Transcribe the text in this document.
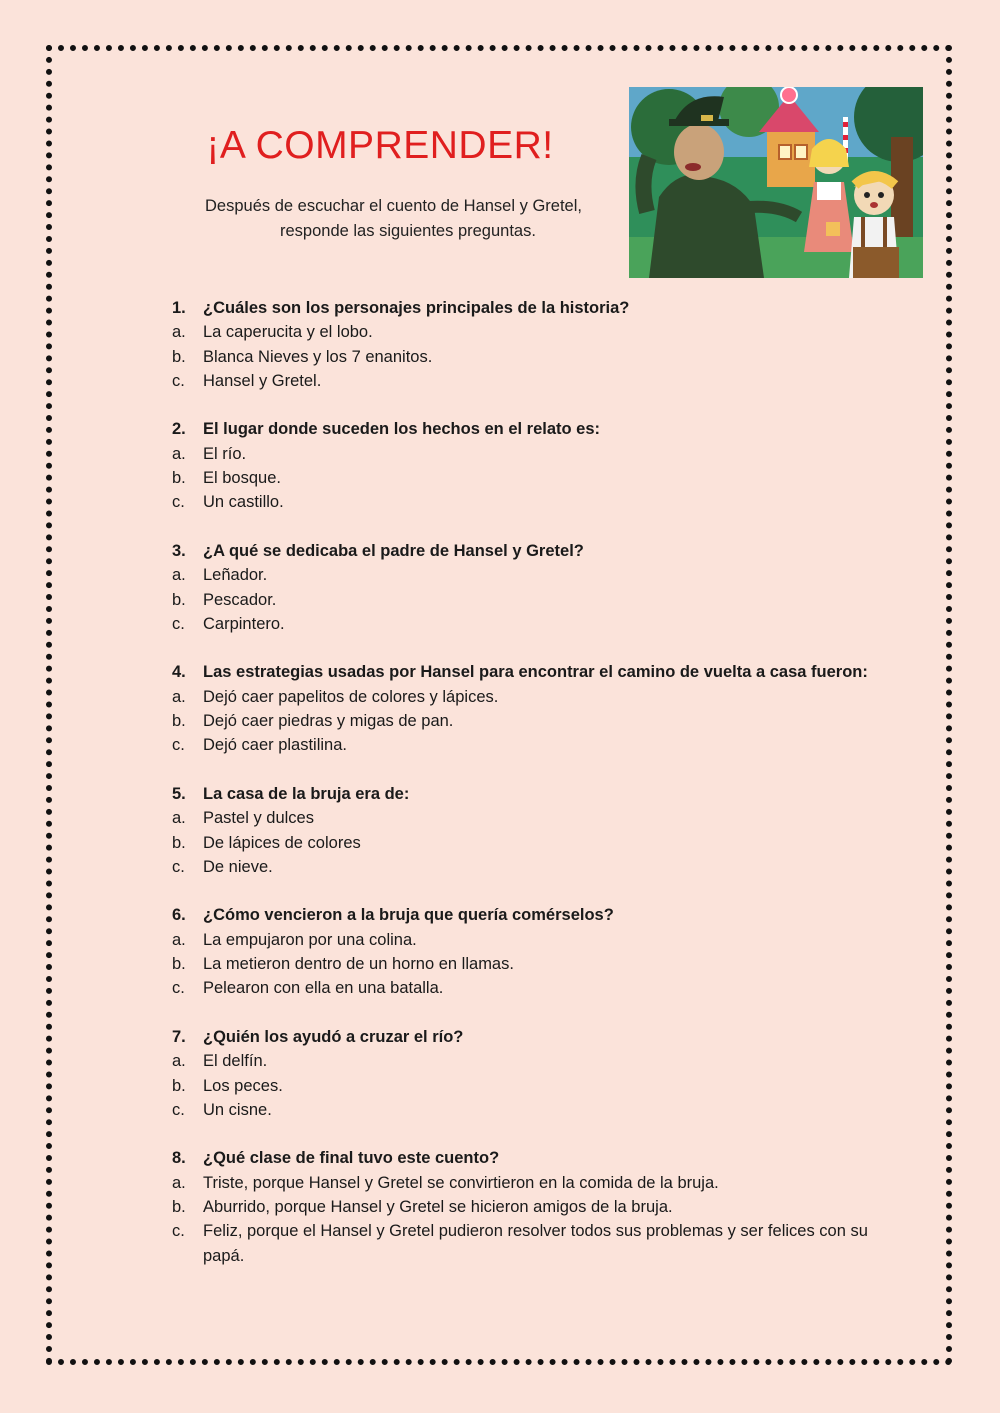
¡A COMPRENDER!
Después de escuchar el cuento de Hansel y Gretel,
responde las siguientes preguntas.
1.	¿Cuáles son los personajes principales de la historia?
a.	La caperucita y el lobo.
b.	Blanca Nieves y los 7 enanitos.
c.	Hansel y Gretel.
2.	El lugar donde suceden los hechos en el relato es:
a.	El río.
b.	El bosque.
c.	Un castillo.
3.	¿A qué se dedicaba el padre de Hansel y Gretel?
a.	Leñador.
b.	Pescador.
c.	Carpintero.
4.	Las estrategias usadas por Hansel para encontrar el camino de vuelta a casa fueron:
a.	Dejó caer papelitos de colores y lápices.
b.	Dejó caer piedras y migas de pan.
c.	Dejó caer plastilina.
5.	La casa de la bruja era de:
a.	Pastel y dulces
b.	De lápices de colores
c.	De nieve.
6.	¿Cómo vencieron a la bruja que quería comérselos?
a.	La empujaron por una colina.
b.	La metieron dentro de un horno en llamas.
c.	Pelearon con ella en una batalla.
7.	¿Quién los ayudó a cruzar el río?
a.	El delfín.
b.	Los peces.
c.	Un cisne.
8.	¿Qué clase de final tuvo este cuento?
a.	Triste, porque Hansel y Gretel se convirtieron en la comida de la bruja.
b.	Aburrido, porque Hansel y Gretel se hicieron amigos de la bruja.
c.	Feliz, porque el Hansel y Gretel pudieron resolver todos sus problemas y ser felices con su papá.
